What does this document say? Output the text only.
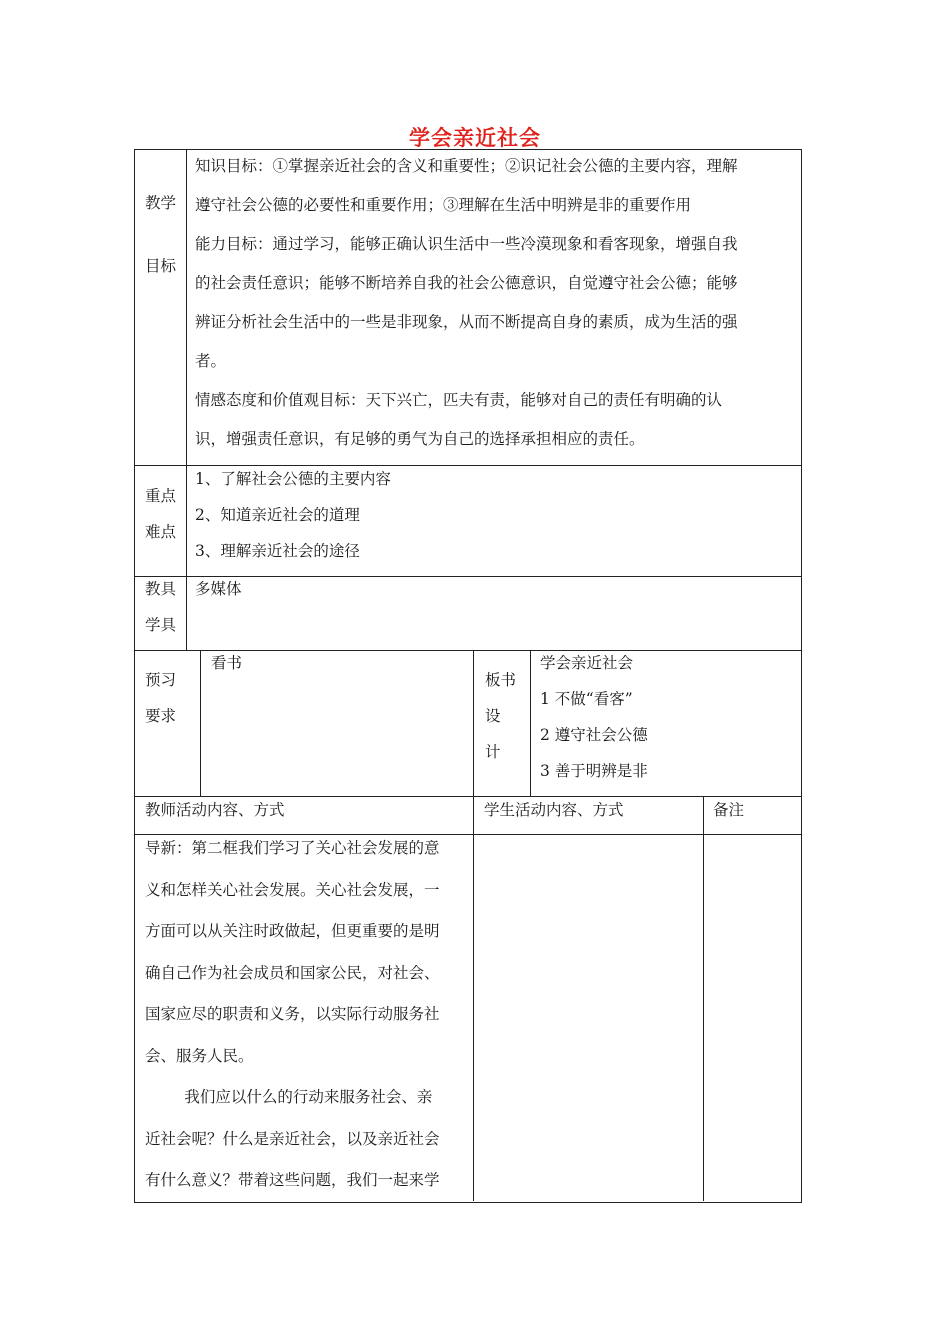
学会亲近社会
教学
目标
知识目标：①掌握亲近社会的含义和重要性；②识记社会公德的主要内容，理解
遵守社会公德的必要性和重要作用；③理解在生活中明辨是非的重要作用
能力目标：通过学习，能够正确认识生活中一些冷漠现象和看客现象，增强自我
的社会责任意识；能够不断培养自我的社会公德意识，自觉遵守社会公德；能够
辨证分析社会生活中的一些是非现象，从而不断提高自身的素质，成为生活的强
者。
情感态度和价值观目标：天下兴亡，匹夫有责，能够对自己的责任有明确的认
识，增强责任意识，有足够的勇气为自己的选择承担相应的责任。
重点
难点
1、了解社会公德的主要内容
2、知道亲近社会的道理
3、理解亲近社会的途径
教具
学具
多媒体
预习
要求
看书
板书
设
计
学会亲近社会
1 不做“看客”
2 遵守社会公德
3 善于明辨是非
教师活动内容、方式	学生活动内容、方式	备注

导新：第二框我们学习了关心社会发展的意

义和怎样关心社会发展。关心社会发展，一

方面可以从关注时政做起，但更重要的是明

确自己作为社会成员和国家公民，对社会、

国家应尽的职责和义务，以实际行动服务社

会、服务人民。

我们应以什么的行动来服务社会、亲

近社会呢？什么是亲近社会，以及亲近社会

有什么意义？带着这些问题，我们一起来学
